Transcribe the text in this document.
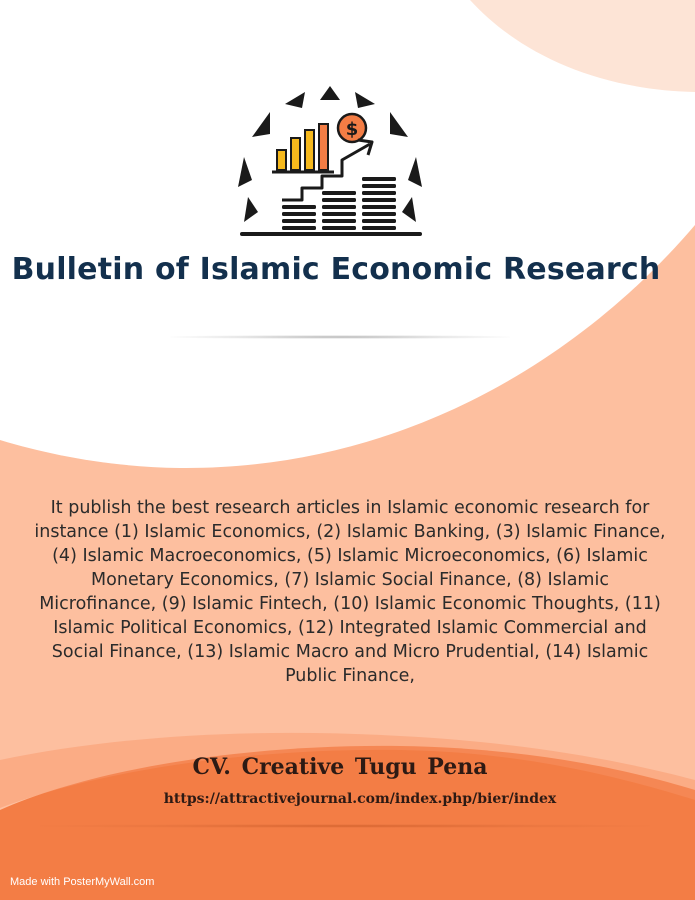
$
Bulletin of Islamic Economic Research

It publish the best research articles in Islamic economic research for instance (1) Islamic Economics, (2) Islamic Banking, (3) Islamic Finance, (4) Islamic Macroeconomics, (5) Islamic Microeconomics, (6) Islamic Monetary Economics, (7) Islamic Social Finance, (8) Islamic Microfinance, (9) Islamic Fintech, (10) Islamic Economic Thoughts, (11) Islamic Political Economics, (12) Integrated Islamic Commercial and Social Finance, (13) Islamic Macro and Micro Prudential, (14) Islamic Public Finance,

CV. Creative Tugu Pena
https://attractivejournal.com/index.php/bier/index
Made with PosterMyWall.com
